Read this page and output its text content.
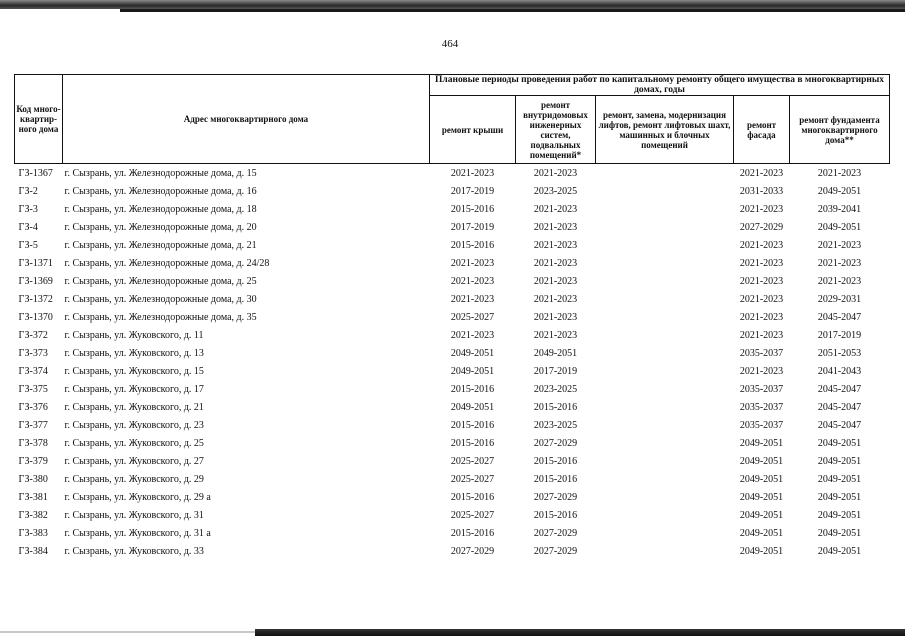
464
Код много-квартир-ного дома	Адрес многоквартирного дома	Плановые периоды проведения работ по капитальному ремонту общего имущества в многоквартирных домах, годы				
		ремонт крыши	ремонт внутридомовых инженерных систем, подвальных помещений*	ремонт, замена, модернизация лифтов, ремонт лифтовых шахт, машинных и блочных помещений	ремонт фасада	ремонт фундамента многоквартирного дома**
ГЗ-1367	г. Сызрань, ул. Железнодорожные дома, д. 15	2021-2023	2021-2023		2021-2023	2021-2023
ГЗ-2	г. Сызрань, ул. Железнодорожные дома, д. 16	2017-2019	2023-2025		2031-2033	2049-2051
ГЗ-3	г. Сызрань, ул. Железнодорожные дома, д. 18	2015-2016	2021-2023		2021-2023	2039-2041
ГЗ-4	г. Сызрань, ул. Железнодорожные дома, д. 20	2017-2019	2021-2023		2027-2029	2049-2051
ГЗ-5	г. Сызрань, ул. Железнодорожные дома, д. 21	2015-2016	2021-2023		2021-2023	2021-2023
ГЗ-1371	г. Сызрань, ул. Железнодорожные дома, д. 24/28	2021-2023	2021-2023		2021-2023	2021-2023
ГЗ-1369	г. Сызрань, ул. Железнодорожные дома, д. 25	2021-2023	2021-2023		2021-2023	2021-2023
ГЗ-1372	г. Сызрань, ул. Железнодорожные дома, д. 30	2021-2023	2021-2023		2021-2023	2029-2031
ГЗ-1370	г. Сызрань, ул. Железнодорожные дома, д. 35	2025-2027	2021-2023		2021-2023	2045-2047
ГЗ-372	г. Сызрань, ул. Жуковского, д. 11	2021-2023	2021-2023		2021-2023	2017-2019
ГЗ-373	г. Сызрань, ул. Жуковского, д. 13	2049-2051	2049-2051		2035-2037	2051-2053
ГЗ-374	г. Сызрань, ул. Жуковского, д. 15	2049-2051	2017-2019		2021-2023	2041-2043
ГЗ-375	г. Сызрань, ул. Жуковского, д. 17	2015-2016	2023-2025		2035-2037	2045-2047
ГЗ-376	г. Сызрань, ул. Жуковского, д. 21	2049-2051	2015-2016		2035-2037	2045-2047
ГЗ-377	г. Сызрань, ул. Жуковского, д. 23	2015-2016	2023-2025		2035-2037	2045-2047
ГЗ-378	г. Сызрань, ул. Жуковского, д. 25	2015-2016	2027-2029		2049-2051	2049-2051
ГЗ-379	г. Сызрань, ул. Жуковского, д. 27	2025-2027	2015-2016		2049-2051	2049-2051
ГЗ-380	г. Сызрань, ул. Жуковского, д. 29	2025-2027	2015-2016		2049-2051	2049-2051
ГЗ-381	г. Сызрань, ул. Жуковского, д. 29 а	2015-2016	2027-2029		2049-2051	2049-2051
ГЗ-382	г. Сызрань, ул. Жуковского, д. 31	2025-2027	2015-2016		2049-2051	2049-2051
ГЗ-383	г. Сызрань, ул. Жуковского, д. 31 а	2015-2016	2027-2029		2049-2051	2049-2051
ГЗ-384	г. Сызрань, ул. Жуковского, д. 33	2027-2029	2027-2029		2049-2051	2049-2051
